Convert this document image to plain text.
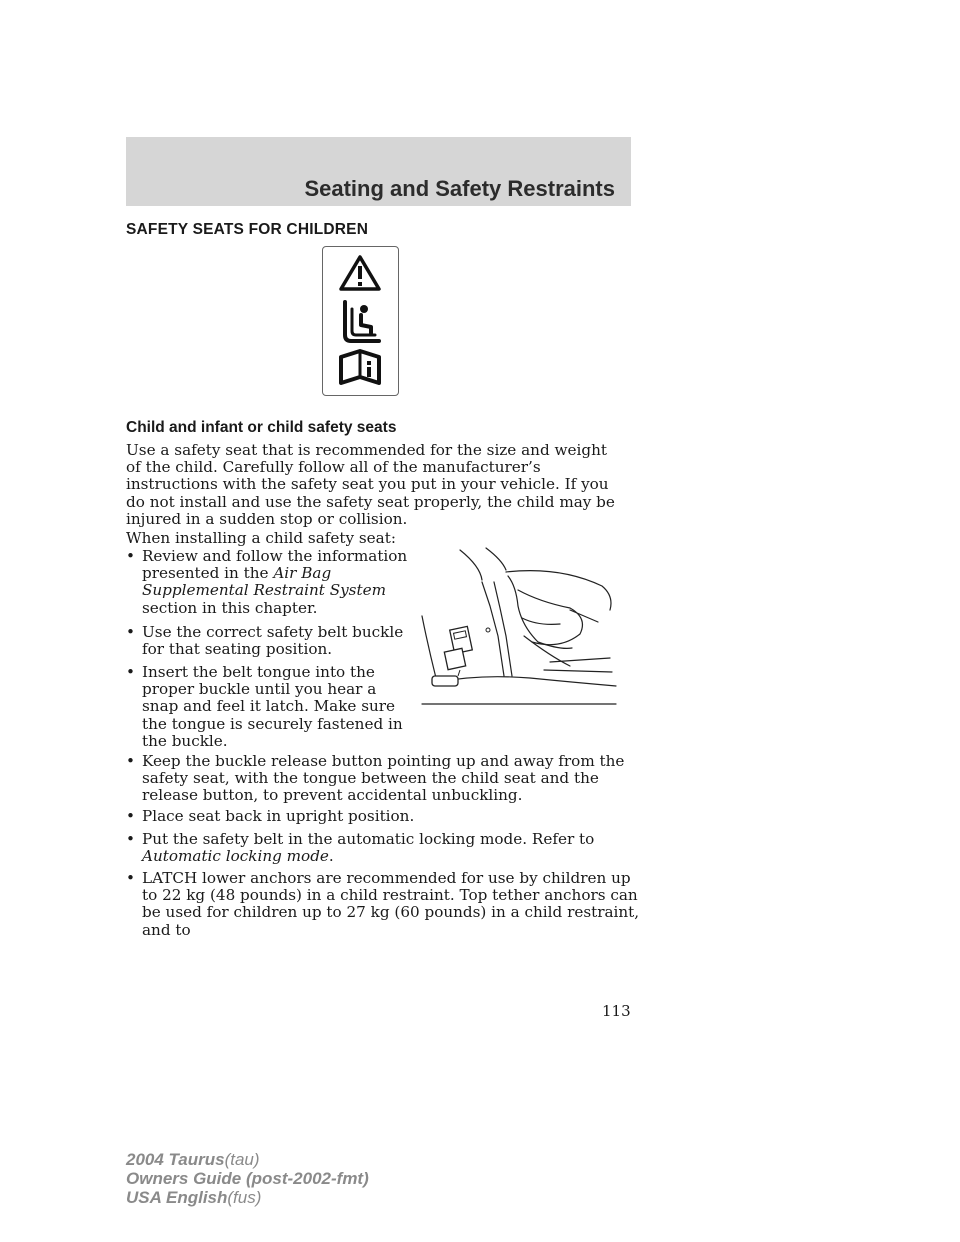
Seating and Safety Restraints
SAFETY SEATS FOR CHILDREN
Child and infant or child safety seats
Use a safety seat that is recommended for the size and weight of the child. Carefully follow all of the manufacturer’s instructions with the safety seat you put in your vehicle. If you do not install and use the safety seat properly, the child may be injured in a sudden stop or collision.
When installing a child safety seat:
• Review and follow the information presented in the Air Bag Supplemental Restraint System section in this chapter.
• Use the correct safety belt buckle for that seating position.
• Insert the belt tongue into the proper buckle until you hear a snap and feel it latch. Make sure the tongue is securely fastened in the buckle.
• Keep the buckle release button pointing up and away from the safety seat, with the tongue between the child seat and the release button, to prevent accidental unbuckling.
• Place seat back in upright position.
• Put the safety belt in the automatic locking mode. Refer to Automatic locking mode.
• LATCH lower anchors are recommended for use by children up to 22 kg (48 pounds) in a child restraint. Top tether anchors can be used for children up to 27 kg (60 pounds) in a child restraint, and to
113
2004 Taurus(tau)
Owners Guide (post-2002-fmt)
USA English(fus)
